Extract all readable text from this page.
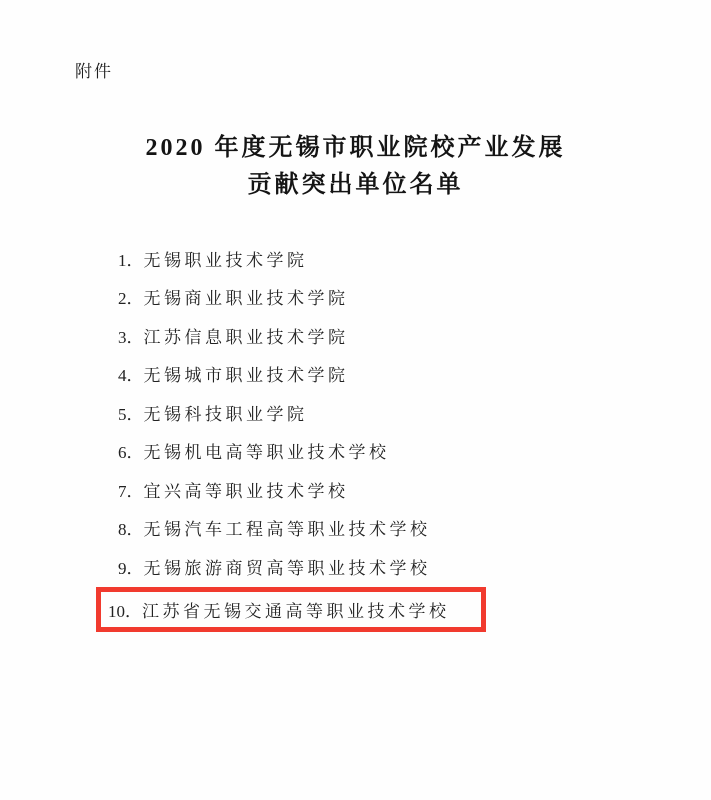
附件
2020 年度无锡市职业院校产业发展
贡献突出单位名单
1． 无锡职业技术学院
2． 无锡商业职业技术学院
3． 江苏信息职业技术学院
4． 无锡城市职业技术学院
5． 无锡科技职业学院
6． 无锡机电高等职业技术学校
7． 宜兴高等职业技术学校
8． 无锡汽车工程高等职业技术学校
9． 无锡旅游商贸高等职业技术学校
10． 江苏省无锡交通高等职业技术学校
